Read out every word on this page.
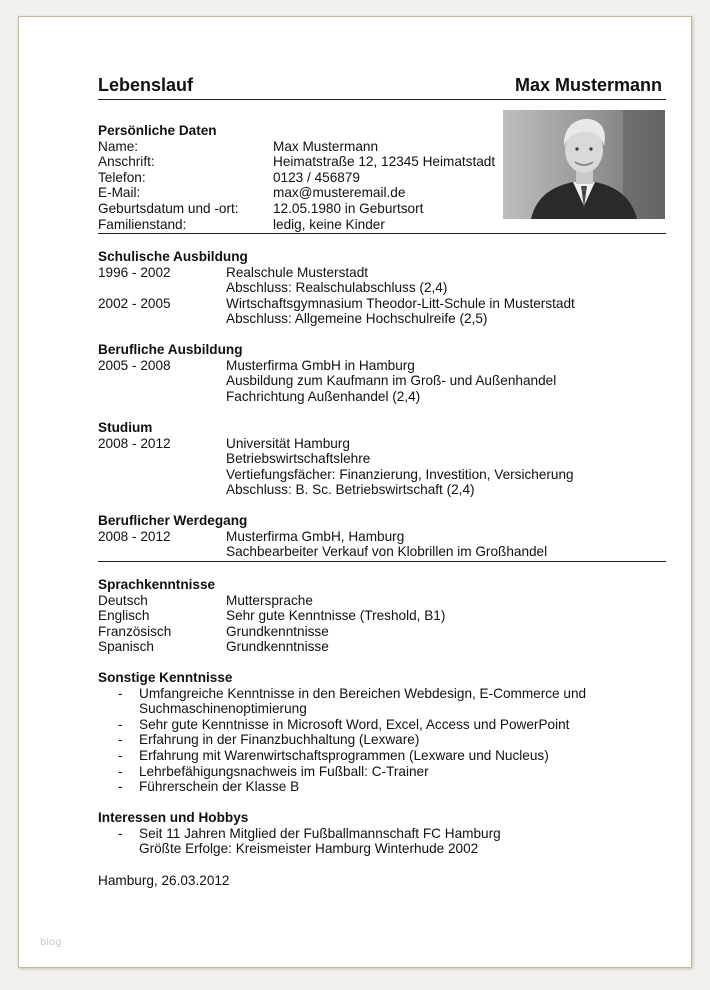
Lebenslauf	Max Mustermann
Persönliche Daten
Name:	Max Mustermann
Anschrift:	Heimatstraße 12, 12345 Heimatstadt
Telefon:	0123 / 456879
E-Mail:	max@musteremail.de
Geburtsdatum und -ort:	12.05.1980 in Geburtsort
Familienstand:	ledig, keine Kinder
Schulische Ausbildung
1996 - 2002	Realschule Musterstadt
Abschluss: Realschulabschluss (2,4)
2002 - 2005	Wirtschaftsgymnasium Theodor-Litt-Schule in Musterstadt
Abschluss: Allgemeine Hochschulreife (2,5)
Berufliche Ausbildung
2005 - 2008	Musterfirma GmbH in Hamburg
Ausbildung zum Kaufmann im Groß- und Außenhandel
Fachrichtung Außenhandel (2,4)
Studium
2008 - 2012	Universität Hamburg
Betriebswirtschaftslehre
Vertiefungsfächer: Finanzierung, Investition, Versicherung
Abschluss: B. Sc. Betriebswirtschaft (2,4)
Beruflicher Werdegang
2008 - 2012	Musterfirma GmbH, Hamburg
Sachbearbeiter Verkauf von Klobrillen im Großhandel
Sprachkenntnisse
Deutsch	Muttersprache
Englisch	Sehr gute Kenntnisse (Treshold, B1)
Französisch	Grundkenntnisse
Spanisch	Grundkenntnisse
Sonstige Kenntnisse
- Umfangreiche Kenntnisse in den Bereichen Webdesign, E-Commerce und
Suchmaschinenoptimierung
- Sehr gute Kenntnisse in Microsoft Word, Excel, Access und PowerPoint
- Erfahrung in der Finanzbuchhaltung (Lexware)
- Erfahrung mit Warenwirtschaftsprogrammen (Lexware und Nucleus)
- Lehrbefähigungsnachweis im Fußball: C-Trainer
- Führerschein der Klasse B
Interessen und Hobbys
- Seit 11 Jahren Mitglied der Fußballmannschaft FC Hamburg
Größte Erfolge: Kreismeister Hamburg Winterhude 2002
Hamburg, 26.03.2012
blog
